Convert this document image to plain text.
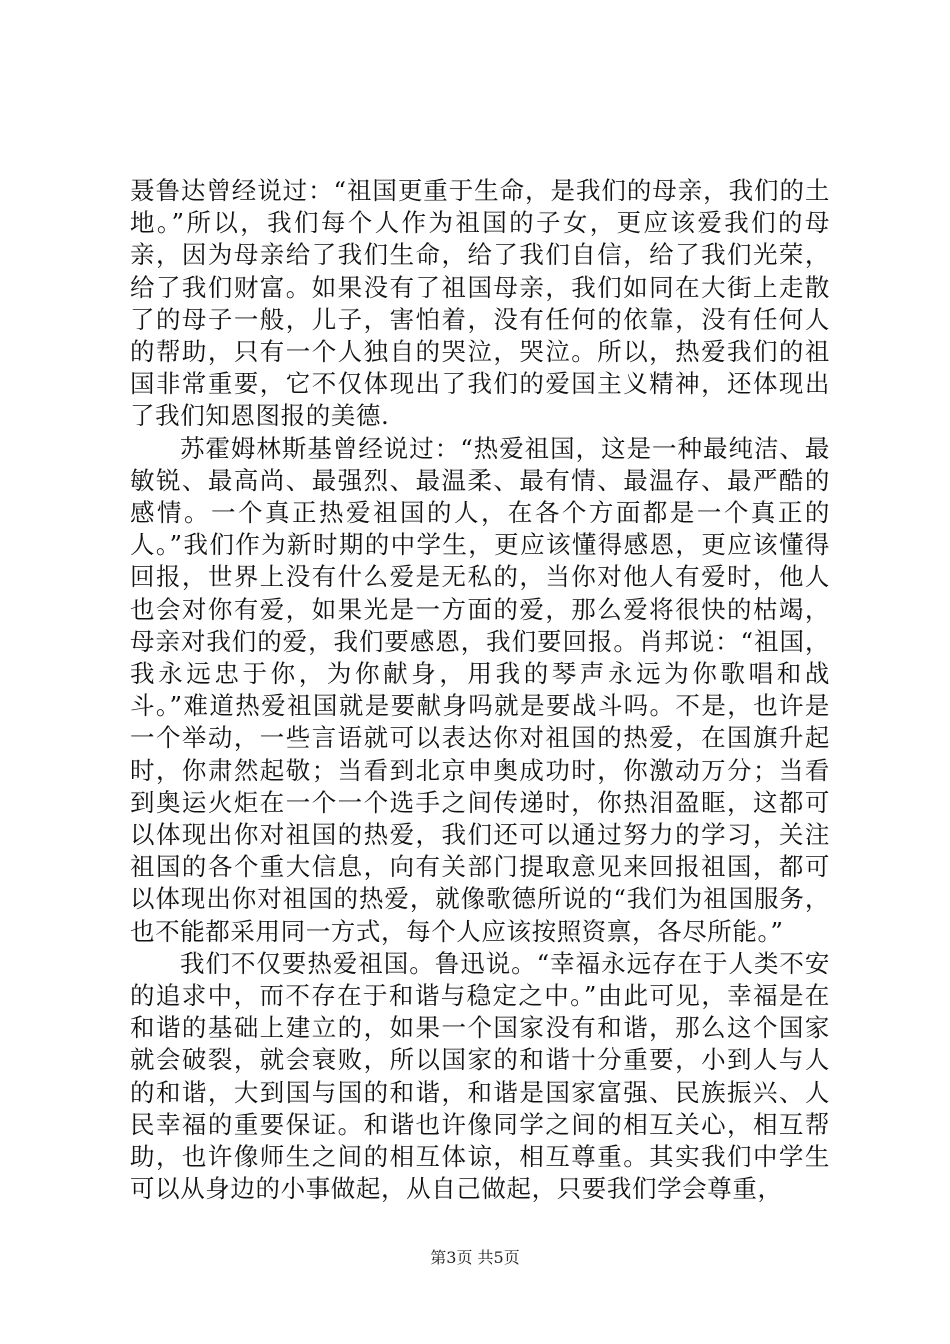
聂鲁达曾经说过：“祖国更重于生命，是我们的母亲，我们的土地。”所以，我们每个人作为祖国的子女，更应该爱我们的母亲，因为母亲给了我们生命，给了我们自信，给了我们光荣，给了我们财富。如果没有了祖国母亲，我们如同在大街上走散了的母子一般，儿子，害怕着，没有任何的依靠，没有任何人的帮助，只有一个人独自的哭泣，哭泣。所以，热爱我们的祖国非常重要，它不仅体现出了我们的爱国主义精神，还体现出了我们知恩图报的美德.

苏霍姆林斯基曾经说过：“热爱祖国，这是一种最纯洁、最敏锐、最高尚、最强烈、最温柔、最有情、最温存、最严酷的感情。一个真正热爱祖国的人，在各个方面都是一个真正的人。”我们作为新时期的中学生，更应该懂得感恩，更应该懂得回报，世界上没有什么爱是无私的，当你对他人有爱时，他人也会对你有爱，如果光是一方面的爱，那么爱将很快的枯竭，母亲对我们的爱，我们要感恩，我们要回报。肖邦说：“祖国，我永远忠于你，为你献身，用我的琴声永远为你歌唱和战斗。”难道热爱祖国就是要献身吗就是要战斗吗。不是，也许是一个举动，一些言语就可以表达你对祖国的热爱，在国旗升起时，你肃然起敬；当看到北京申奥成功时，你激动万分；当看到奥运火炬在一个一个选手之间传递时，你热泪盈眶，这都可以体现出你对祖国的热爱，我们还可以通过努力的学习，关注祖国的各个重大信息，向有关部门提取意见来回报祖国，都可以体现出你对祖国的热爱，就像歌德所说的“我们为祖国服务，也不能都采用同一方式，每个人应该按照资禀，各尽所能。”

我们不仅要热爱祖国。鲁迅说。“幸福永远存在于人类不安的追求中，而不存在于和谐与稳定之中。”由此可见，幸福是在和谐的基础上建立的，如果一个国家没有和谐，那么这个国家就会破裂，就会衰败，所以国家的和谐十分重要，小到人与人的和谐，大到国与国的和谐，和谐是国家富强、民族振兴、人民幸福的重要保证。和谐也许像同学之间的相互关心，相互帮助，也许像师生之间的相互体谅，相互尊重。其实我们中学生可以从身边的小事做起，从自己做起，只要我们学会尊重，

第3页 共5页
